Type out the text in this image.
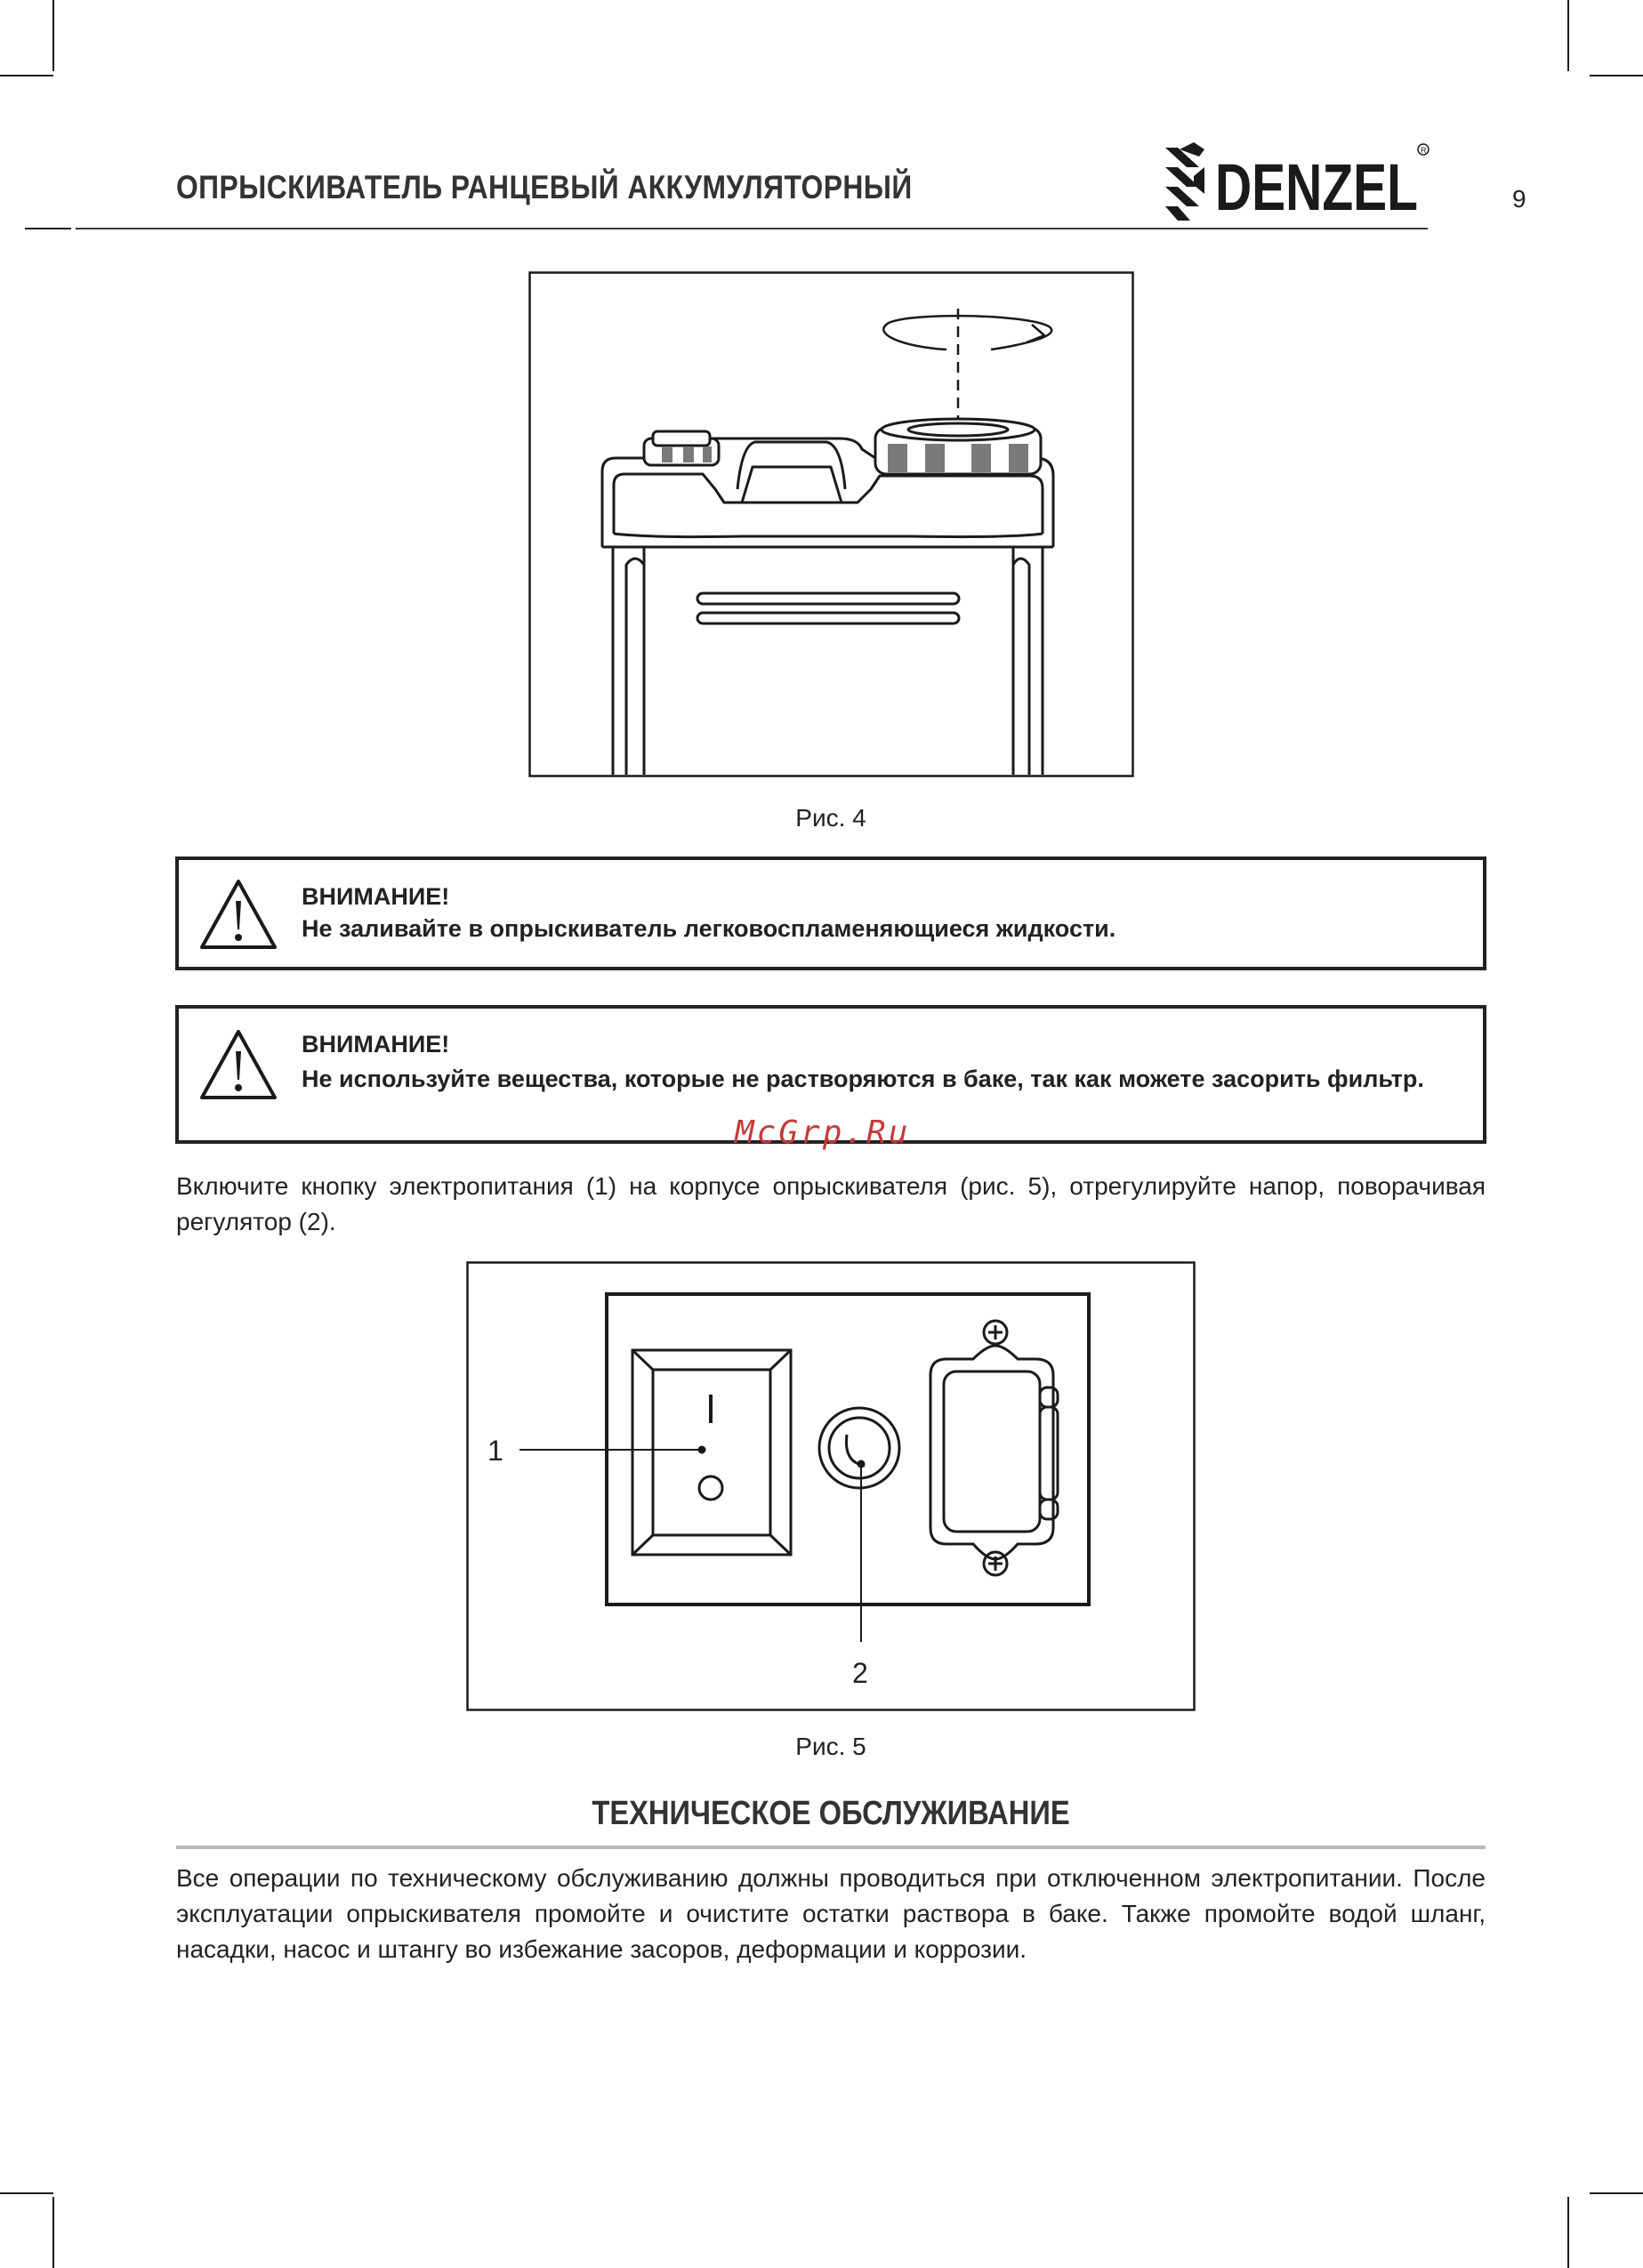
ОПРЫСКИВАТЕЛЬ РАНЦЕВЫЙ АККУМУЛЯТОРНЫЙ	9
DENZEL R
Рис. 4
ВНИМАНИЕ!
Не заливайте в опрыскиватель легковоспламеняющиеся жидкости.
ВНИМАНИЕ!
Не используйте вещества, которые не растворяются в баке, так как можете засорить фильтр.
McGrp.Ru
Включите кнопку электропитания (1) на корпусе опрыскивателя (рис. 5), отрегулируйте напор, поворачивая регулятор (2).
1
2
Рис. 5
ТЕХНИЧЕСКОЕ ОБСЛУЖИВАНИЕ
Все операции по техническому обслуживанию должны проводиться при отключенном электропитании. После эксплуатации опрыскивателя промойте и очистите остатки раствора в баке. Также промойте водой шланг, насадки, насос и штангу во избежание засоров, деформации и коррозии.
